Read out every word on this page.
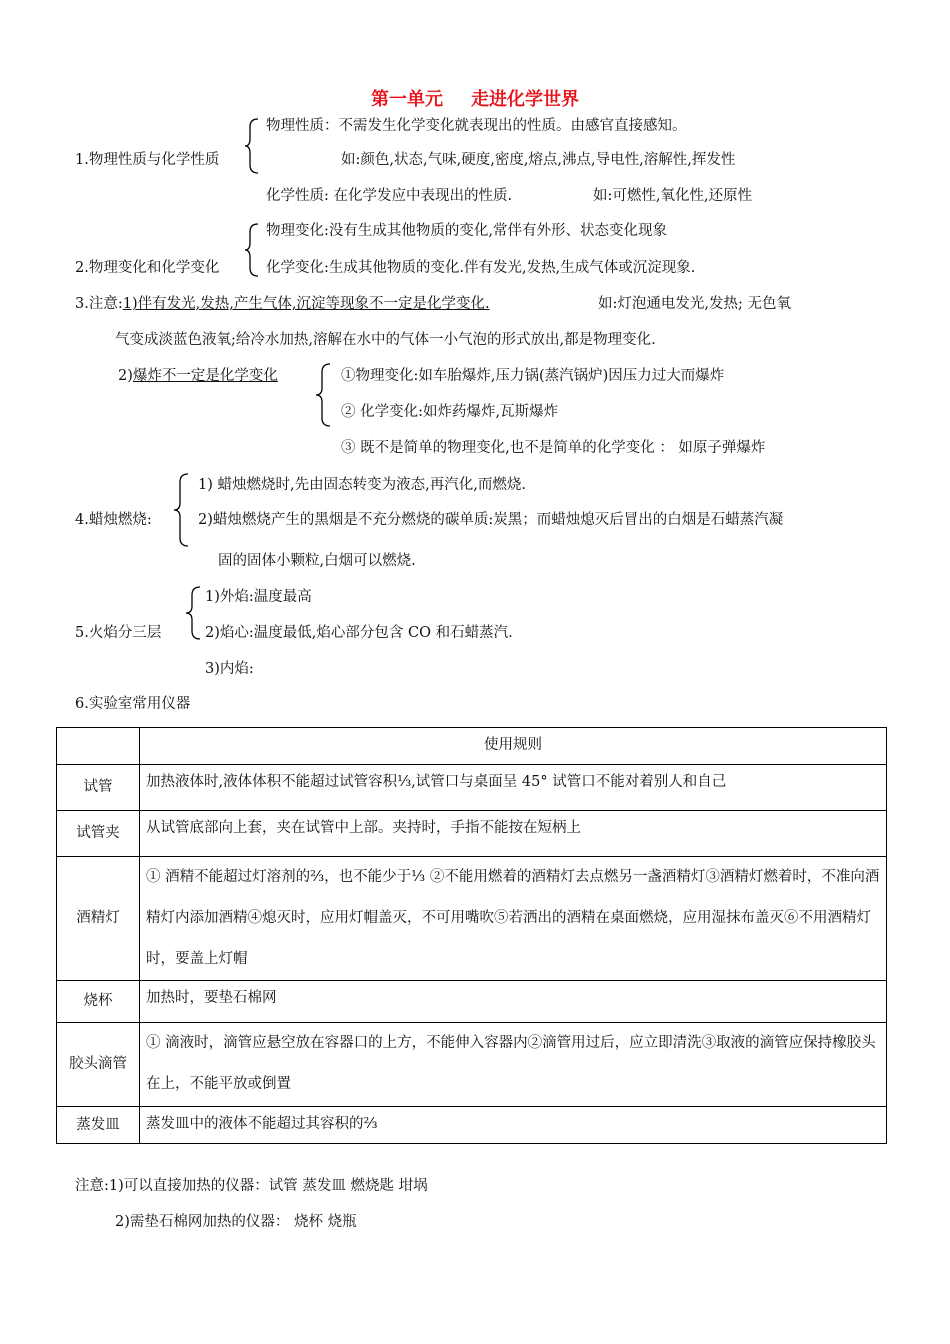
第一单元 走进化学世界
物理性质：不需发生化学变化就表现出的性质。由感官直接感知。
1.物理性质与化学性质	如:颜色,状态,气味,硬度,密度,熔点,沸点,导电性,溶解性,挥发性
化学性质: 在化学发应中表现出的性质.	如:可燃性,氧化性,还原性
物理变化:没有生成其他物质的变化,常伴有外形、状态变化现象
2.物理变化和化学变化	化学变化:生成其他物质的变化.伴有发光,发热,生成气体或沉淀现象.
3.注意:1)伴有发光,发热,产生气体,沉淀等现象不一定是化学变化.	如:灯泡通电发光,发热; 无色氧
气变成淡蓝色液氧;给冷水加热,溶解在水中的气体一小气泡的形式放出,都是物理变化.
2)爆炸不一定是化学变化	①物理变化:如车胎爆炸,压力锅(蒸汽锅炉)因压力过大而爆炸
② 化学变化:如炸药爆炸,瓦斯爆炸
③ 既不是简单的物理变化,也不是简单的化学变化 ： 如原子弹爆炸
1) 蜡烛燃烧时,先由固态转变为液态,再汽化,而燃烧.
4.蜡烛燃烧:	2)蜡烛燃烧产生的黑烟是不充分燃烧的碳单质:炭黑；而蜡烛熄灭后冒出的白烟是石蜡蒸汽凝
固的固体小颗粒,白烟可以燃烧.
1)外焰:温度最高
5.火焰分三层	2)焰心:温度最低,焰心部分包含 CO 和石蜡蒸汽.
3)内焰:
6.实验室常用仪器
	使用规则
试管	加热液体时,液体体积不能超过试管容积⅓,试管口与桌面呈 45° 试管口不能对着别人和自己
试管夹	从试管底部向上套，夹在试管中上部。夹持时，手指不能按在短柄上
酒精灯	① 酒精不能超过灯溶剂的⅔，也不能少于⅓ ②不能用燃着的酒精灯去点燃另一盏酒精灯③酒精灯燃着时，不准向酒精灯内添加酒精④熄灭时，应用灯帽盖灭，不可用嘴吹⑤若洒出的酒精在桌面燃烧，应用湿抹布盖灭⑥不用酒精灯时，要盖上灯帽
烧杯	加热时，要垫石棉网
胶头滴管	① 滴液时，滴管应悬空放在容器口的上方，不能伸入容器内②滴管用过后，应立即清洗③取液的滴管应保持橡胶头在上，不能平放或倒置
蒸发皿	蒸发皿中的液体不能超过其容积的⅔
注意:1)可以直接加热的仪器：试管 蒸发皿 燃烧匙 坩埚
2)需垫石棉网加热的仪器： 烧杯 烧瓶
